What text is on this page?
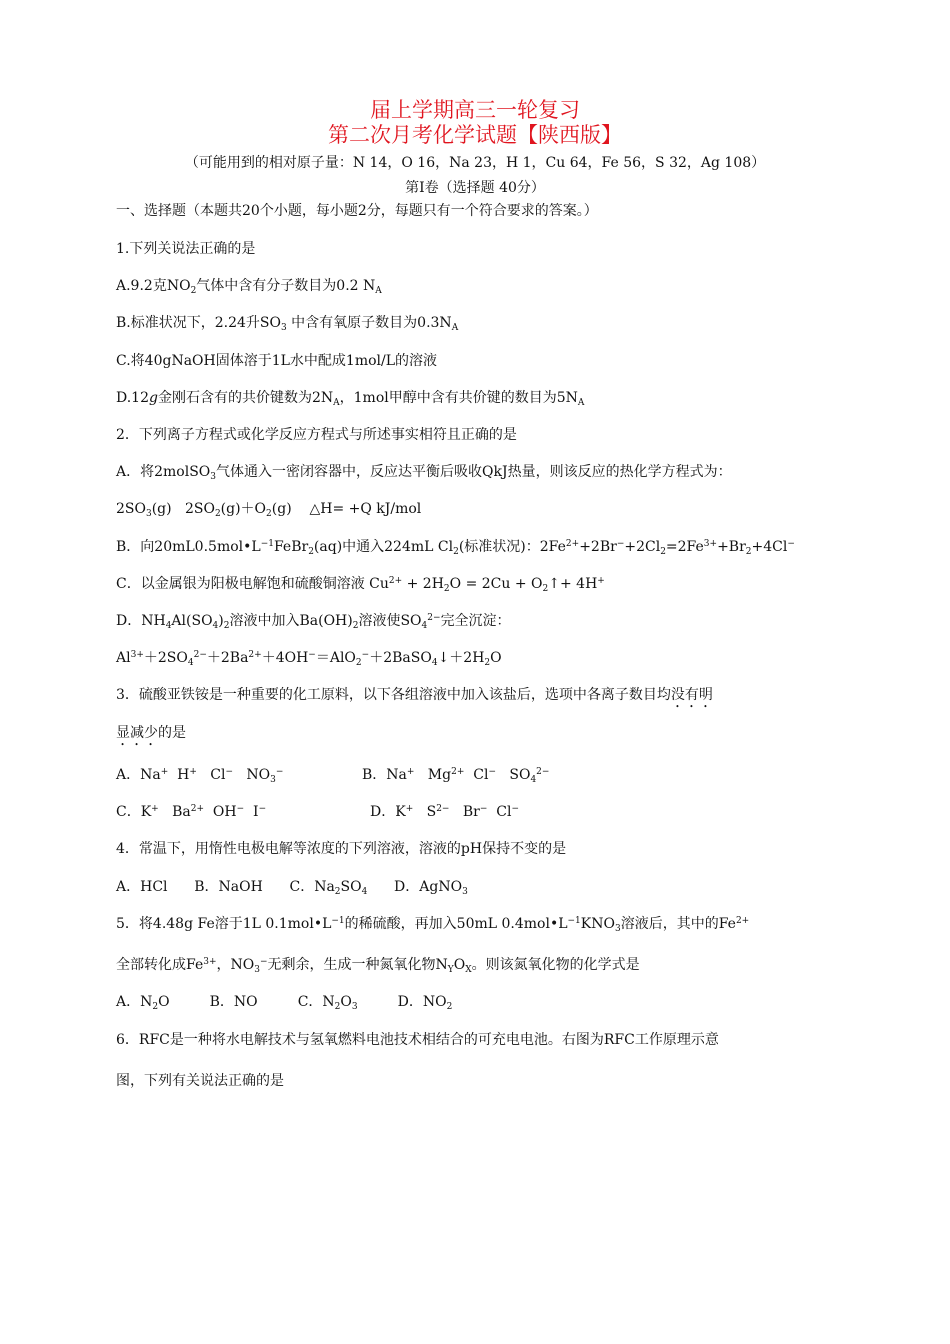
届上学期高三一轮复习
第二次月考化学试题【陕西版】
（可能用到的相对原子量：N 14，O 16，Na 23，H 1，Cu 64，Fe 56，S 32，Ag 108）
第Ⅰ卷（选择题 40分）
一、选择题（本题共20个小题，每小题2分，每题只有一个符合要求的答案。）
1.下列关说法正确的是
A.9.2克$NO_2$气体中含有分子数目为0.2 $N_A$
B.标准状况下，2.24升$SO_3$ 中含有氧原子数目为$0.3N_A$
C.将40gNaOH固体溶于1L水中配成1mol/L的溶液
D.12g金刚石含有的共价键数为$2N_A$，1mol甲醇中含有共价键的数目为$5N_A$
2．下列离子方程式或化学反应方程式与所述事实相符且正确的是
A．将2molSO$_3$气体通入一密闭容器中，反应达平衡后吸收QkJ热量，则该反应的热化学方程式为：
$2SO_3(g)$   $2SO_2(g)+O_2(g)$    △H= +Q kJ/mol
B．向$20mL0.5mol•L^{-1}FeBr_2(aq)$中通入224mL $Cl_2$(标准状况)：$2Fe^{2+}+2Br^-+2Cl_2=2Fe^{3+}+Br_2+4Cl^-$
C．以金属银为阳极电解饱和硫酸铜溶液 $Cu^{2+} + 2H_2O = 2Cu$ + $O_2↑+ 4H^+$
D．$NH_4Al(SO_4)_2$溶液中加入$Ba(OH)_2$溶液使$SO_4^{2-}$完全沉淀：
$Al^{3+}+2SO_4^{2-}+2Ba^{2+}+4OH^-=AlO_2^-+2BaSO_4↓+2H_2O$
3．硫酸亚铁铵是一种重要的化工原料，以下各组溶液中加入该盐后，选项中各离子数目均没有明
显减少的是
A．Na+  H+   Cl−   $NO_3^-$	B．Na+   $Mg^{2+}$  Cl−   $SO_4^{2-}$
C．K+   $Ba^{2+}$  OH−  I−	D．K+   $S^{2-}$   Br−  Cl−
4．常温下，用惰性电极电解等浓度的下列溶液，溶液的pH保持不变的是
A．HCl      B．NaOH      C．$Na_2SO_4$      D．AgNO$_3$
5．将4.48g Fe溶于1L $0.1mol•L^{-1}$的稀硫酸，再加入50mL $0.4mol•L^{-1}KNO_3$溶液后，其中的$Fe^{2+}$
全部转化成$Fe^{3+}$，$NO_3^-$无剩余，生成一种氮氧化物$N_YO_X$。则该氮氧化物的化学式是
A．$N_2O$         B．NO         C．$N_2O_3$         D．$NO_2$
6．RFC是一种将水电解技术与氢氧燃料电池技术相结合的可充电电池。右图为RFC工作原理示意
图，下列有关说法正确的是
